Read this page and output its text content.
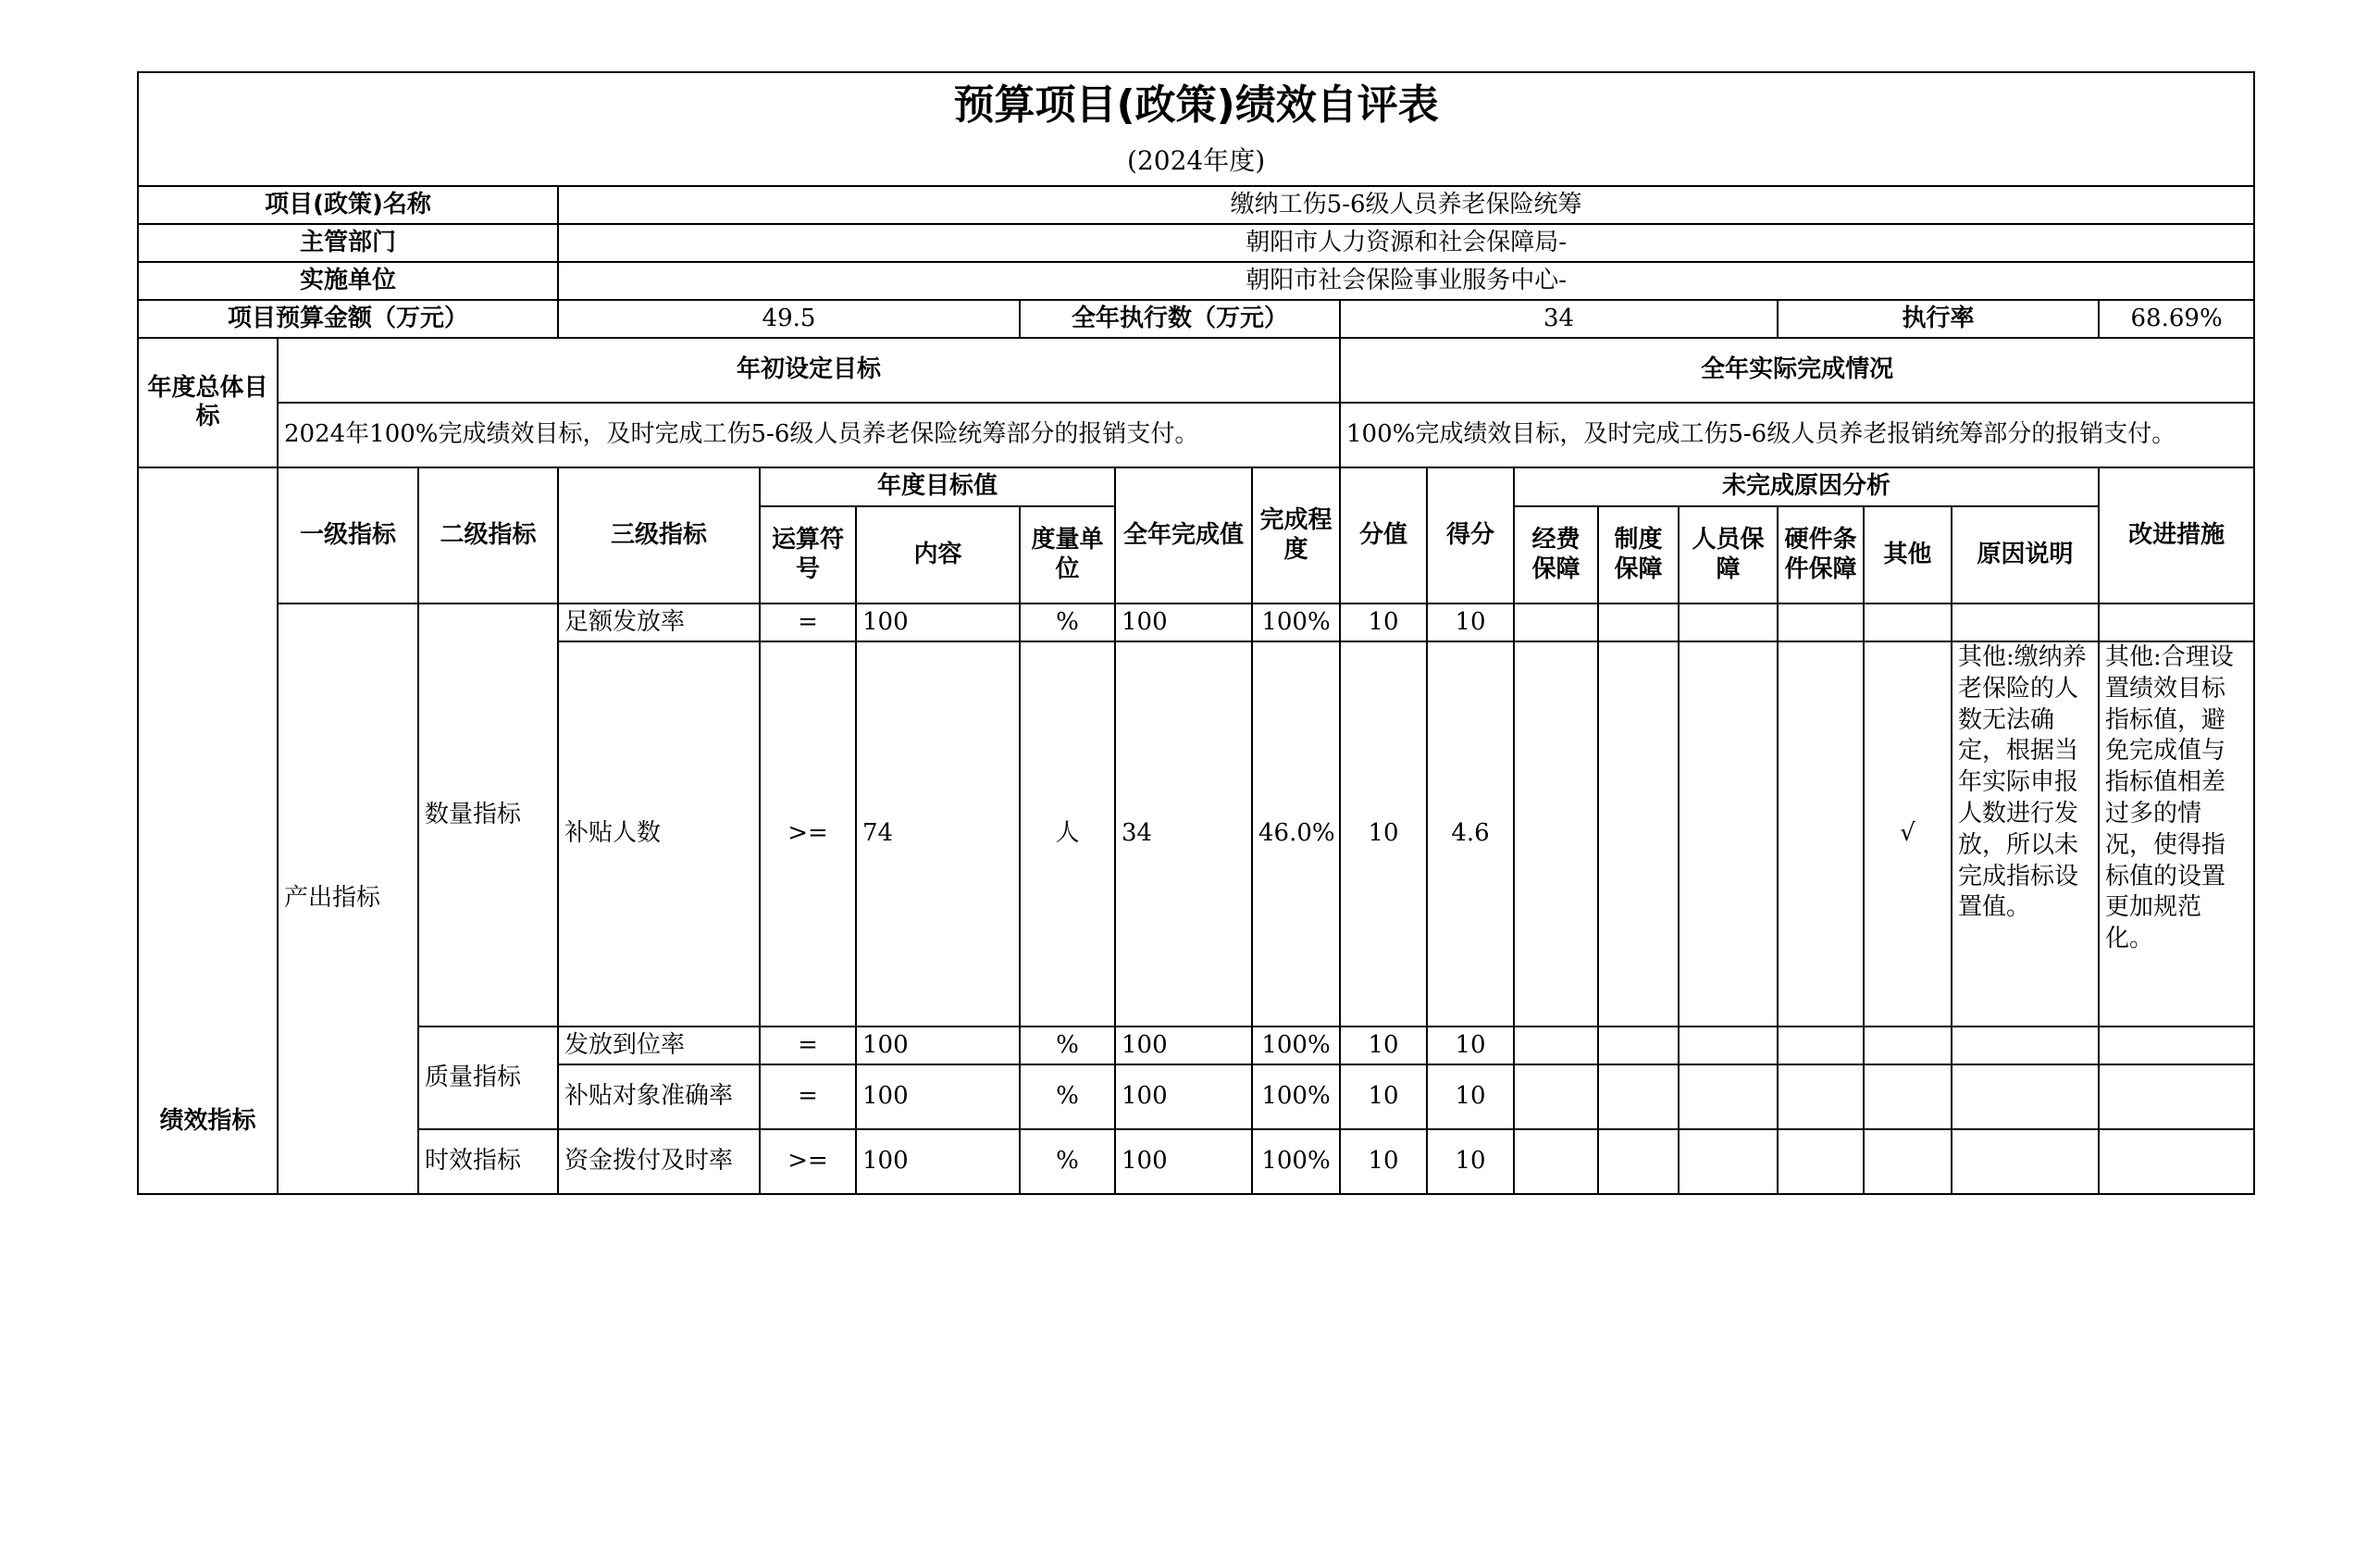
预算项目(政策)绩效自评表																	
(2024年度)																	
项目(政策)名称			缴纳工伤5-6级人员养老保险统筹														
主管部门			朝阳市人力资源和社会保障局-														
实施单位			朝阳市社会保险事业服务中心-														
项目预算金额（万元）			49.5			全年执行数（万元）			34					执行率			68.69%
年度总体目标	年初设定目标								全年实际完成情况								
	2024年100%完成绩效目标，及时完成工伤5-6级人员养老保险统筹部分的报销支付。								100%完成绩效目标，及时完成工伤5-6级人员养老报销统筹部分的报销支付。								
绩效指标	一级指标	二级指标	三级指标	年度目标值			全年完成值	完成程度	分值	得分	未完成原因分析						改进措施
				运算符号	内容	度量单位					经费保障	制度保障	人员保障	硬件条件保障	其他	原因说明	
	产出指标	数量指标	足额发放率	=	100	%	100	100%	10	10							
			补贴人数	>=	74	人	34	46.0%	10	4.6					√	其他:缴纳养老保险的人数无法确定，根据当年实际申报人数进行发放，所以未完成指标设置值。	其他:合理设置绩效目标指标值，避免完成值与指标值相差过多的情况，使得指标值的设置更加规范化。
		质量指标	发放到位率	=	100	%	100	100%	10	10							
			补贴对象准确率	=	100	%	100	100%	10	10							
		时效指标	资金拨付及时率	>=	100	%	100	100%	10	10							
